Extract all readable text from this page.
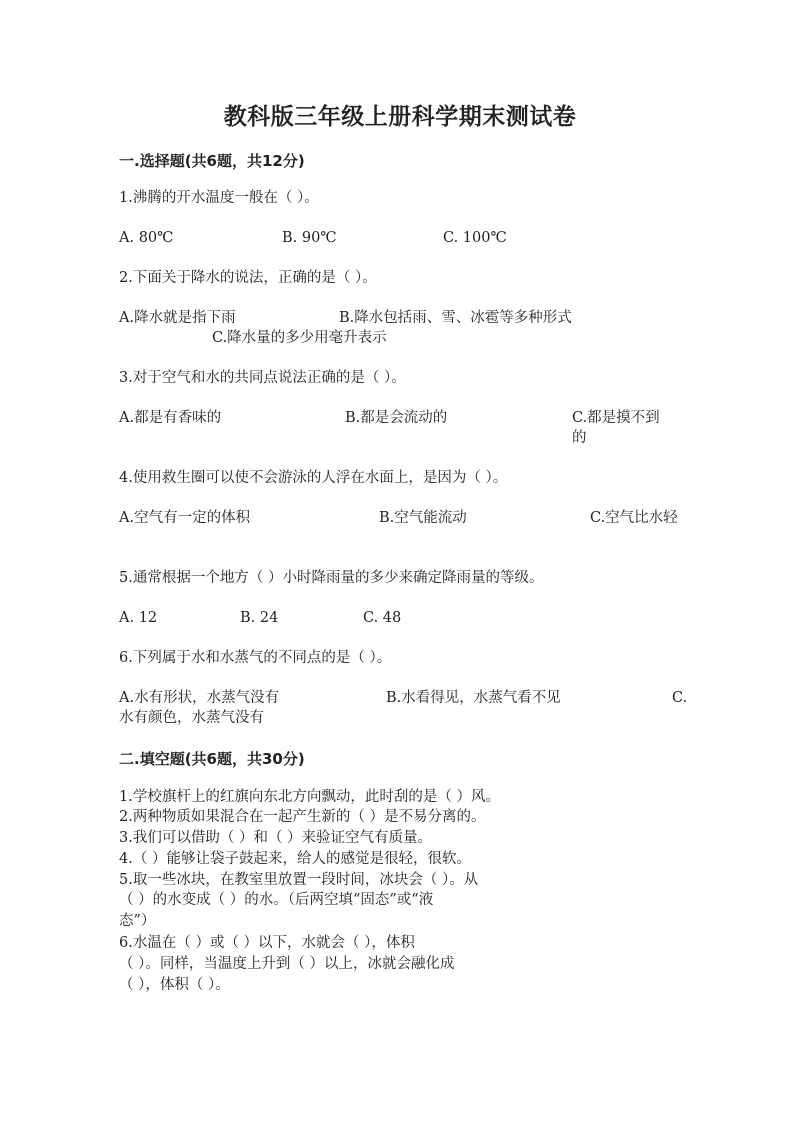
教科版三年级上册科学期末测试卷
一.选择题(共6题，共12分)
1.沸腾的开水温度一般在（ ）。
A. 80℃	B. 90℃	C. 100℃
2.下面关于降水的说法，正确的是（ ）。
A.降水就是指下雨	B.降水包括雨、雪、冰雹等多种形式
C.降水量的多少用毫升表示
3.对于空气和水的共同点说法正确的是（ ）。
A.都是有香味的	B.都是会流动的	C.都是摸不到的
4.使用救生圈可以使不会游泳的人浮在水面上，是因为（ ）。
A.空气有一定的体积	B.空气能流动	C.空气比水轻
5.通常根据一个地方（ ）小时降雨量的多少来确定降雨量的等级。
A. 12	B. 24	C. 48
6.下列属于水和水蒸气的不同点的是（ ）。
A.水有形状，水蒸气没有	B.水看得见，水蒸气看不见	C.水有颜色，水蒸气没有
二.填空题(共6题，共30分)
1.学校旗杆上的红旗向东北方向飘动，此时刮的是（ ）风。
2.两种物质如果混合在一起产生新的（ ）是不易分离的。
3.我们可以借助（ ）和（ ）来验证空气有质量。
4.（ ）能够让袋子鼓起来，给人的感觉是很轻，很软。
5.取一些冰块，在教室里放置一段时间，冰块会（ ）。从
（ ）的水变成（ ）的水。（后两空填“固态”或“液
态”）
6.水温在（ ）或（ ）以下，水就会（ ），体积
（ ）。同样，当温度上升到（ ）以上，冰就会融化成
（ ），体积（ ）。
